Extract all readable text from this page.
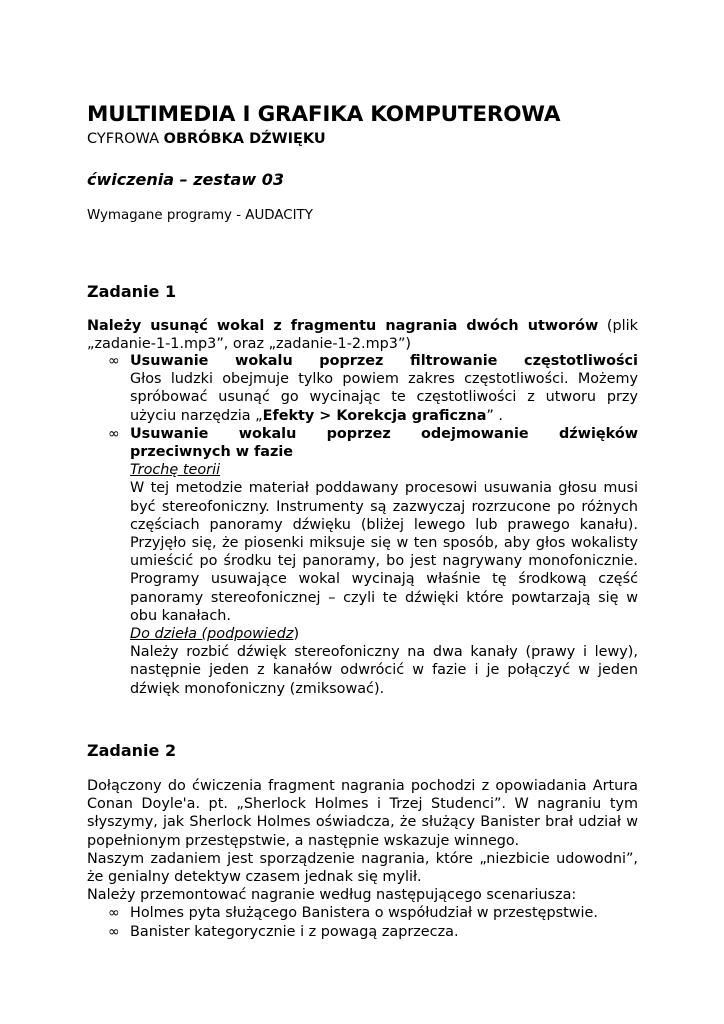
MULTIMEDIA I GRAFIKA KOMPUTEROWA
CYFROWA OBRÓBKA DŹWIĘKU
ćwiczenia – zestaw 03
Wymagane programy - AUDACITY
Zadanie 1
Należy usunąć wokal z fragmentu nagrania dwóch utworów (plik
„zadanie-1-1.mp3”, oraz „zadanie-1-2.mp3”)
∞ Usuwanie wokalu poprzez filtrowanie częstotliwości
Głos ludzki obejmuje tylko powiem zakres częstotliwości. Możemy spróbować usunąć go wycinając te częstotliwości z utworu przy użyciu narzędzia „Efekty > Korekcja graficzna” .
∞ Usuwanie wokalu poprzez odejmowanie dźwięków
przeciwnych w fazie
Trochę teorii
W tej metodzie materiał poddawany procesowi usuwania głosu musi być stereofoniczny. Instrumenty są zazwyczaj rozrzucone po różnych częściach panoramy dźwięku (bliżej lewego lub prawego kanału). Przyjęło się, że piosenki miksuje się w ten sposób, aby głos wokalisty umieścić po środku tej panoramy, bo jest nagrywany monofonicznie. Programy usuwające wokal wycinają właśnie tę środkową część panoramy stereofonicznej – czyli te dźwięki które powtarzają się w obu kanałach.
Do dzieła (podpowiedz)
Należy rozbić dźwięk stereofoniczny na dwa kanały (prawy i lewy), następnie jeden z kanałów odwrócić w fazie i je połączyć w jeden dźwięk monofoniczny (zmiksować).
Zadanie 2
Dołączony do ćwiczenia fragment nagrania pochodzi z opowiadania Artura Conan Doyle'a. pt. „Sherlock Holmes i Trzej Studenci”. W nagraniu tym słyszymy, jak Sherlock Holmes oświadcza, że służący Banister brał udział w popełnionym przestępstwie, a następnie wskazuje winnego.
Naszym zadaniem jest sporządzenie nagrania, które „niezbicie udowodni”, że genialny detektyw czasem jednak się mylił.
Należy przemontować nagranie według następującego scenariusza:
∞ Holmes pyta służącego Banistera o współudział w przestępstwie.
∞ Banister kategorycznie i z powagą zaprzecza.
